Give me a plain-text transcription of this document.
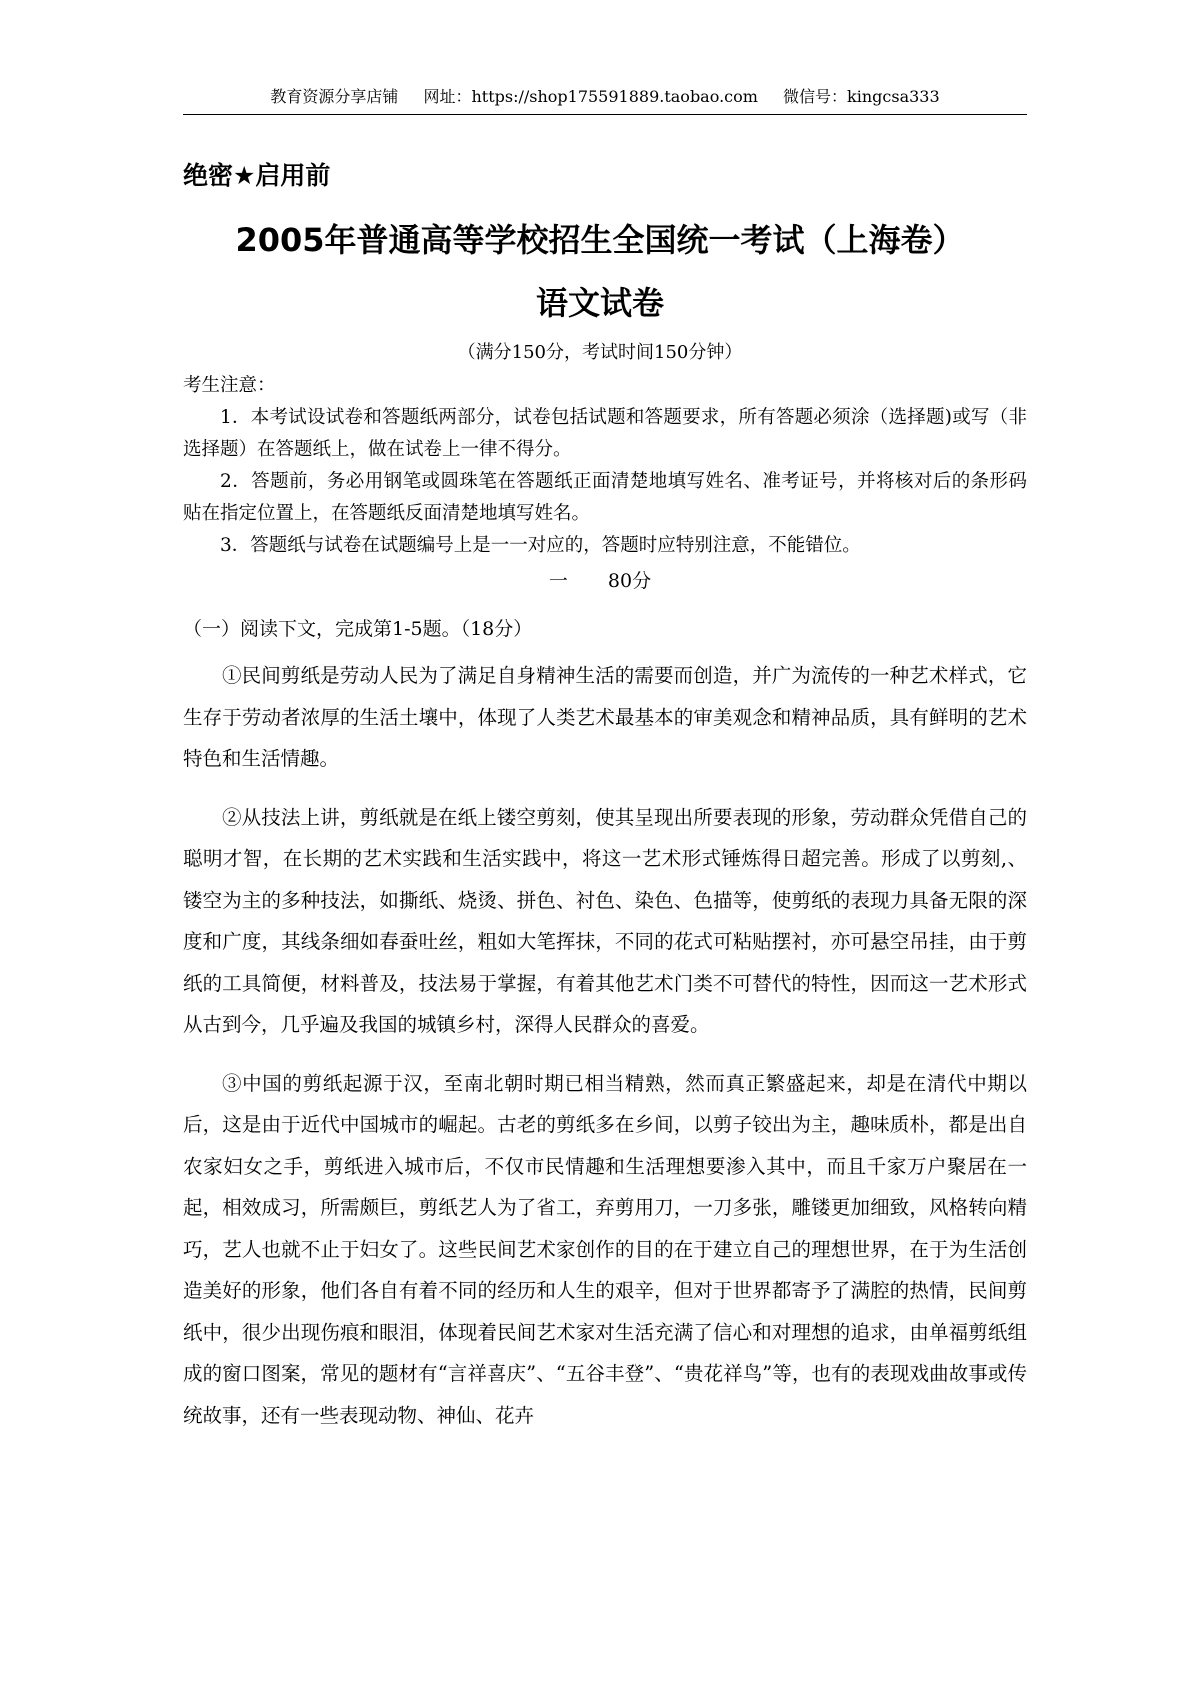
教育资源分享店铺 网址：https://shop175591889.taobao.com 微信号：kingcsa333
绝密★启用前
2005年普通高等学校招生全国统一考试（上海卷）
语文试卷
（满分150分，考试时间150分钟）

考生注意：

1．本考试设试卷和答题纸两部分，试卷包括试题和答题要求，所有答题必须涂（选择题)或写（非选择题）在答题纸上，做在试卷上一律不得分。

2．答题前，务必用钢笔或圆珠笔在答题纸正面清楚地填写姓名、准考证号，并将核对后的条形码贴在指定位置上，在答题纸反面清楚地填写姓名。

3．答题纸与试卷在试题编号上是一一对应的，答题时应特别注意，不能错位。

一 80分
（一）阅读下文，完成第1-5题。（18分）

①民间剪纸是劳动人民为了满足自身精神生活的需要而创造，并广为流传的一种艺术样式，它生存于劳动者浓厚的生活土壤中，体现了人类艺术最基本的审美观念和精神品质，具有鲜明的艺术特色和生活情趣。

②从技法上讲，剪纸就是在纸上镂空剪刻，使其呈现出所要表现的形象，劳动群众凭借自己的聪明才智，在长期的艺术实践和生活实践中，将这一艺术形式锤炼得日超完善。形成了以剪刻,、镂空为主的多种技法，如撕纸、烧烫、拼色、衬色、染色、色描等，使剪纸的表现力具备无限的深度和广度，其线条细如春蚕吐丝，粗如大笔挥抹，不同的花式可粘贴摆衬，亦可悬空吊挂，由于剪纸的工具简便，材料普及，技法易于掌握，有着其他艺术门类不可替代的特性，因而这一艺术形式从古到今，几乎遍及我国的城镇乡村，深得人民群众的喜爱。

③中国的剪纸起源于汉，至南北朝时期已相当精熟，然而真正繁盛起来，却是在清代中期以后，这是由于近代中国城市的崛起。古老的剪纸多在乡间，以剪子铰出为主，趣味质朴，都是出自农家妇女之手，剪纸进入城市后，不仅市民情趣和生活理想要渗入其中，而且千家万户聚居在一起，相效成习，所需颇巨，剪纸艺人为了省工，弃剪用刀，一刀多张，雕镂更加细致，风格转向精巧，艺人也就不止于妇女了。这些民间艺术家创作的目的在于建立自己的理想世界，在于为生活创造美好的形象，他们各自有着不同的经历和人生的艰辛，但对于世界都寄予了满腔的热情，民间剪纸中，很少出现伤痕和眼泪，体现着民间艺术家对生活充满了信心和对理想的追求，由单福剪纸组成的窗口图案，常见的题材有“言祥喜庆”、“五谷丰登”、“贵花祥鸟”等，也有的表现戏曲故事或传统故事，还有一些表现动物、神仙、花卉
